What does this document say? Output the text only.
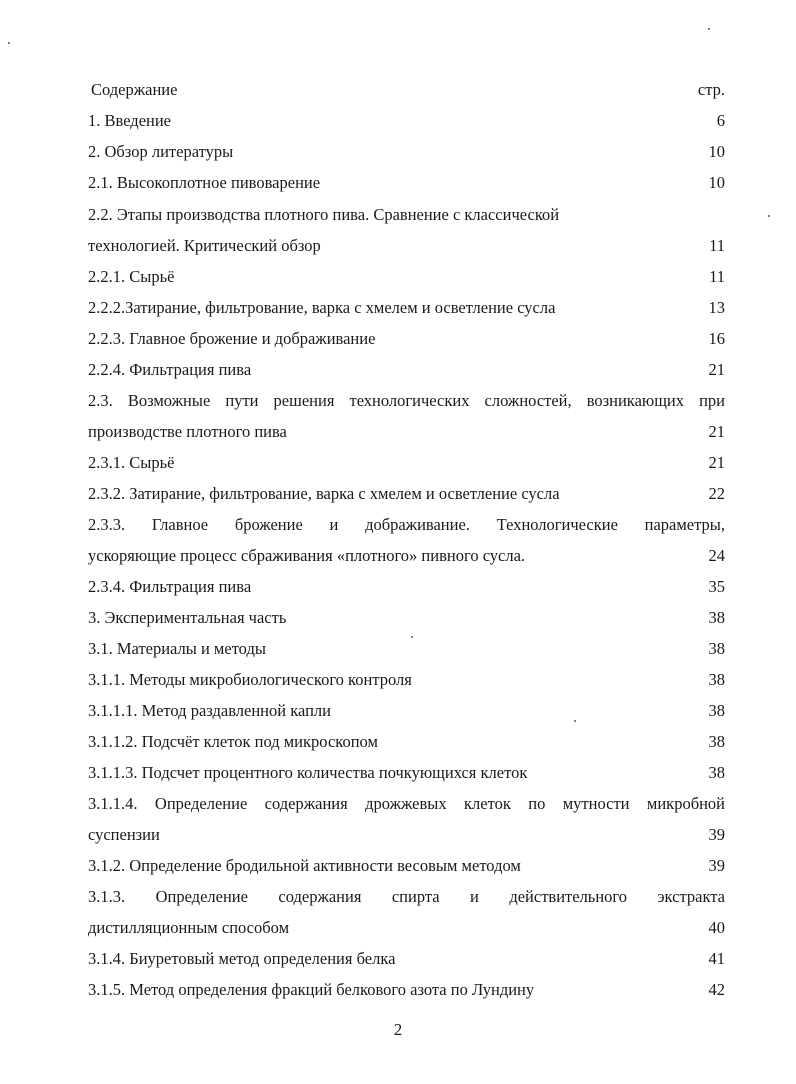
Содержание	стр.
1. Введение	6
2. Обзор литературы	10
2.1. Высокоплотное пивоварение	10
2.2. Этапы производства плотного пива. Сравнение с классической
технологией. Критический обзор	11
2.2.1. Сырьё	11
2.2.2.Затирание, фильтрование, варка с хмелем и осветление сусла	13
2.2.3. Главное брожение и дображивание	16
2.2.4. Фильтрация пива	21
2.3. Возможные пути решения технологических сложностей, возникающих при
производстве плотного пива	21
2.3.1. Сырьё	21
2.3.2. Затирание, фильтрование, варка с хмелем и осветление сусла	22
2.3.3. Главное брожение и дображивание. Технологические параметры,
ускоряющие процесс сбраживания «плотного» пивного сусла.	24
2.3.4. Фильтрация пива	35
3. Экспериментальная часть	38
3.1. Материалы и методы	38
3.1.1. Методы микробиологического контроля	38
3.1.1.1. Метод раздавленной капли	38
3.1.1.2. Подсчёт клеток под микроскопом	38
3.1.1.3. Подсчет процентного количества почкующихся клеток	38
3.1.1.4. Определение содержания дрожжевых клеток по мутности микробной
суспензии	39
3.1.2. Определение бродильной активности весовым методом	39
3.1.3. Определение содержания спирта и действительного экстракта
дистилляционным способом	40
3.1.4. Биуретовый метод определения белка	41
3.1.5. Метод определения фракций белкового азота по Лундину	42
2
